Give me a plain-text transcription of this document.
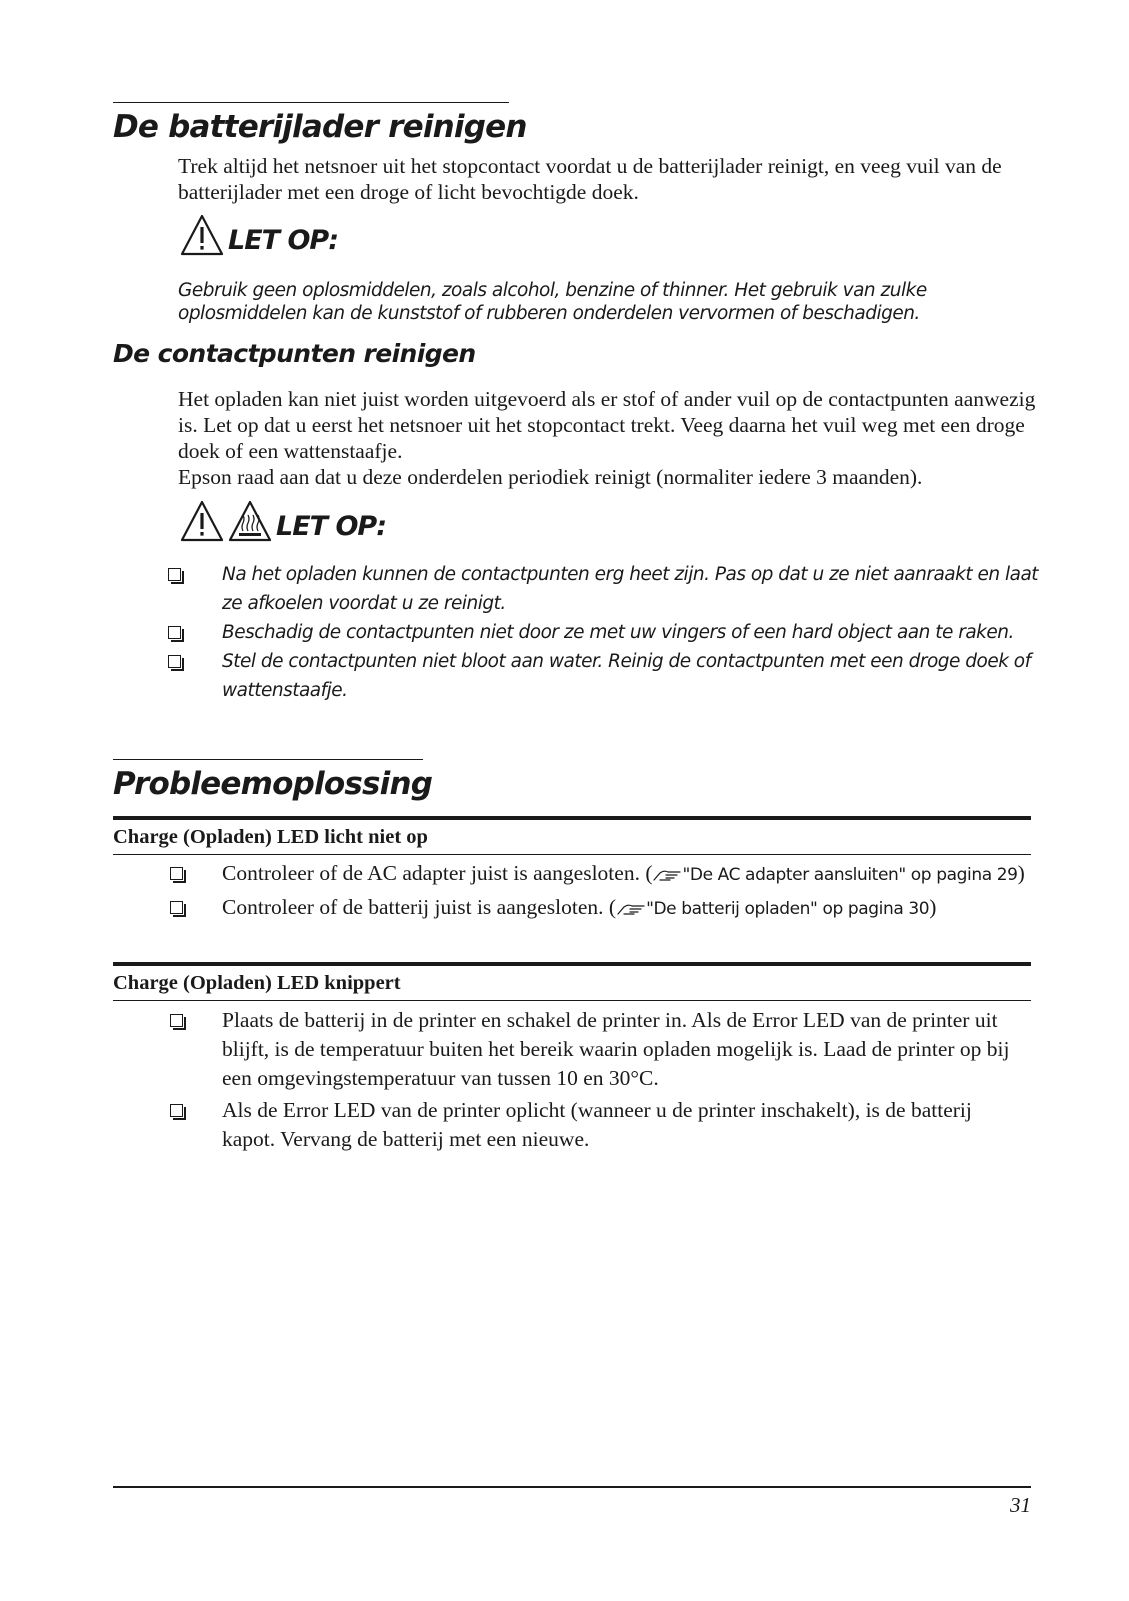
De batterijlader reinigen

Trek altijd het netsnoer uit het stopcontact voordat u de batterijlader reinigt, en veeg vuil van de batterijlader met een droge of licht bevochtigde doek.

LET OP:

Gebruik geen oplosmiddelen, zoals alcohol, benzine of thinner. Het gebruik van zulke oplosmiddelen kan de kunststof of rubberen onderdelen vervormen of beschadigen.

De contactpunten reinigen

Het opladen kan niet juist worden uitgevoerd als er stof of ander vuil op de contactpunten aanwezig is. Let op dat u eerst het netsnoer uit het stopcontact trekt. Veeg daarna het vuil weg met een droge doek of een wattenstaafje.

Epson raad aan dat u deze onderdelen periodiek reinigt (normaliter iedere 3 maanden).

LET OP:
Na het opladen kunnen de contactpunten erg heet zijn. Pas op dat u ze niet aanraakt en laat ze afkoelen voordat u ze reinigt.
Beschadig de contactpunten niet door ze met uw vingers of een hard object aan te raken.
Stel de contactpunten niet bloot aan water. Reinig de contactpunten met een droge doek of wattenstaafje.
Probleemoplossing
Charge (Opladen) LED licht niet op
Controleer of de AC adapter juist is aangesloten. ( "De AC adapter aansluiten" op pagina 29)
Controleer of de batterij juist is aangesloten. ( "De batterij opladen" op pagina 30)
Charge (Opladen) LED knippert
Plaats de batterij in de printer en schakel de printer in. Als de Error LED van de printer uit blijft, is de temperatuur buiten het bereik waarin opladen mogelijk is. Laad de printer op bij een omgevingstemperatuur van tussen 10 en 30°C.
Als de Error LED van de printer oplicht (wanneer u de printer inschakelt), is de batterij kapot. Vervang de batterij met een nieuwe.
31
